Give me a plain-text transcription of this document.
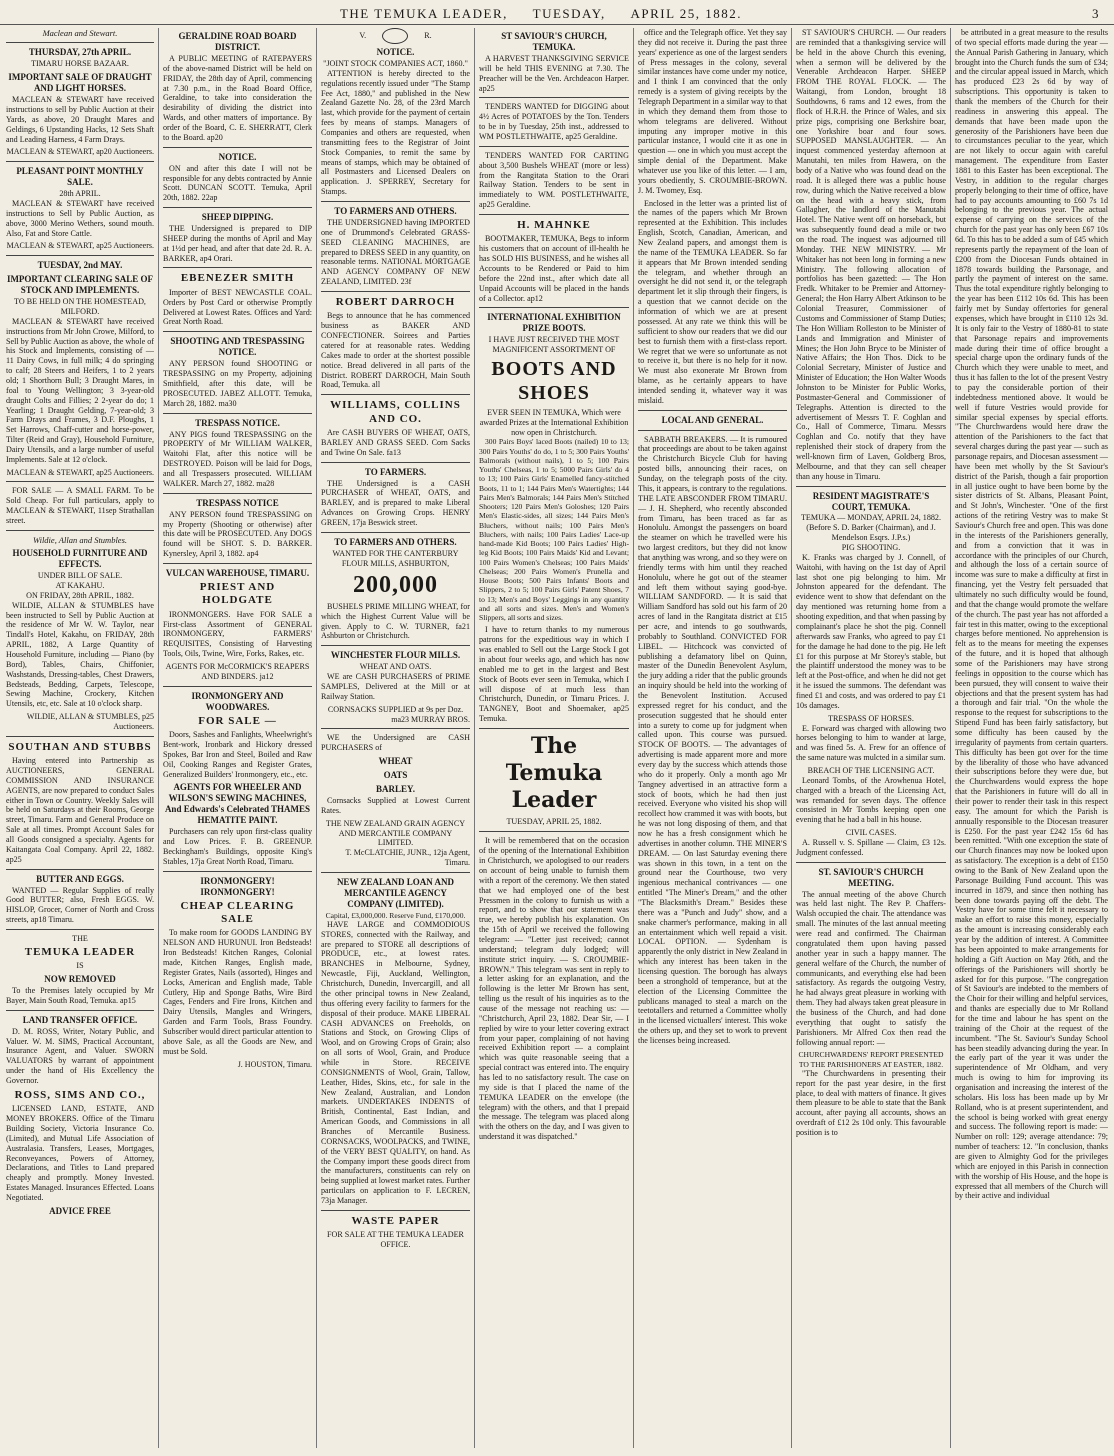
THE TEMUKA LEADER, TUESDAY, APRIL 25, 1882.	3
Maclean and Stewart.
THURSDAY, 27th APRIL.
TIMARU HORSE BAZAAR.
IMPORTANT SALE OF DRAUGHT AND LIGHT HORSES.

MACLEAN & STEWART have received instructions to sell by Public Auction at their Yards, as above, 20 Draught Mares and Geldings, 6 Upstanding Hacks, 12 Sets Shaft and Leading Harness, 4 Farm Drays.

MACLEAN & STEWART, ap20 Auctioneers.
PLEASANT POINT MONTHLY SALE.
28th APRIL.

MACLEAN & STEWART have received instructions to Sell by Public Auction, as above, 3000 Merino Wethers, sound mouth. Also, Fat and Store Cattle.

MACLEAN & STEWART, ap25 Auctioneers.
TUESDAY, 2nd MAY.
IMPORTANT CLEARING SALE OF STOCK AND IMPLEMENTS.
TO BE HELD ON THE HOMESTEAD, MILFORD.

MACLEAN & STEWART have received instructions from Mr John Crowe, Milford, to Sell by Public Auction as above, the whole of his Stock and Implements, consisting of — 11 Dairy Cows, in full milk; 4 do springing to calf; 28 Steers and Heifers, 1 to 2 years old; 1 Shorthorn Bull; 3 Draught Mares, in foal to Young Wellington; 3 3-year-old draught Colts and Fillies; 2 2-year do do; 1 Yearling; 1 Draught Gelding, 7-year-old; 3 Farm Drays and Frames, 3 D.F. Ploughs, 1 Set Harrows, Chaff-cutter and horse-power, Tilter (Reid and Gray), Household Furniture, Dairy Utensils, and a large number of useful Implements. Sale at 12 o'clock.

MACLEAN & STEWART, ap25 Auctioneers.

FOR SALE — A SMALL FARM. To be Sold Cheap. For full particulars, apply to MACLEAN & STEWART, 11sep Strathallan street.

Wildie, Allan and Stumbles.
HOUSEHOLD FURNITURE AND EFFECTS.
UNDER BILL OF SALE.
AT KAKAHU.
ON FRIDAY, 28th APRIL, 1882.

WILDIE, ALLAN & STUMBLES have been instructed to Sell by Public Auction at the residence of Mr W. W. Taylor, near Tindall's Hotel, Kakahu, on FRIDAY, 28th APRIL, 1882, A Large Quantity of Household Furniture, including — Piano (by Bord), Tables, Chairs, Chiffonier, Washstands, Dressing-tables, Chest Drawers, Bedsteads, Bedding, Carpets, Telescope, Sewing Machine, Crockery, Kitchen Utensils, etc, etc. Sale at 10 o'clock sharp.

WILDIE, ALLAN & STUMBLES, p25 Auctioneers.
SOUTHAN AND STUBBS

Having entered into Partnership as AUCTIONEERS, GENERAL COMMISSION AND INSURANCE AGENTS, are now prepared to conduct Sales either in Town or Country. Weekly Sales will be held on Saturdays at their Rooms, George street, Timaru. Farm and General Produce on Sale at all times. Prompt Account Sales for all Goods consigned a specialty. Agents for Kaitangata Coal Company. April 22, 1882. ap25

BUTTER AND EGGS.

WANTED — Regular Supplies of really Good BUTTER; also, Fresh EGGS. W. HISLOP, Grocer, Corner of North and Cross streets, ap18 Timaru.

THE
TEMUKA LEADER
IS
NOW REMOVED

To the Premises lately occupied by Mr Bayer, Main South Road, Temuka. ap15

LAND TRANSFER OFFICE.

D. M. ROSS, Writer, Notary Public, and Valuer. W. M. SIMS, Practical Accountant, Insurance Agent, and Valuer. SWORN VALUATORS by warrant of appointment under the hand of His Excellency the Governor.

ROSS, SIMS AND CO.,

LICENSED LAND, ESTATE, AND MONEY BROKERS. Office of the Timaru Building Society, Victoria Insurance Co. (Limited), and Mutual Life Association of Australasia. Transfers, Leases, Mortgages, Reconveyances, Powers of Attorney, Declarations, and Titles to Land prepared cheaply and promptly. Money Invested. Estates Managed. Insurances Effected. Loans Negotiated.

ADVICE FREE
GERALDINE ROAD BOARD DISTRICT.

A PUBLIC MEETING of RATEPAYERS of the above-named District will be held on FRIDAY, the 28th day of April, commencing at 7.30 p.m., in the Road Board Office, Geraldine, to take into consideration the desirability of dividing the district into Wards, and other matters of importance. By order of the Board, C. E. SHERRATT, Clerk to the Board. ap20

NOTICE.

ON and after this date I will not be responsible for any debts contracted by Annie Scott. DUNCAN SCOTT. Temuka, April 20th, 1882. 22ap

SHEEP DIPPING.

THE Undersigned is prepared to DIP SHEEP during the months of April and May at 1½d per head, and after that date 2d. R. A. BARKER, ap4 Orari.

EBENEZER SMITH

Importer of BEST NEWCASTLE COAL. Orders by Post Card or otherwise Promptly Delivered at Lowest Rates. Offices and Yard: Great North Road.

SHOOTING AND TRESPASSING NOTICE.

ANY PERSON found SHOOTING or TRESPASSING on my Property, adjoining Smithfield, after this date, will be PROSECUTED. JABEZ ALLOTT. Temuka, March 28, 1882. ma30

TRESPASS NOTICE.

ANY PIGS found TRESPASSING on the PROPERTY of Mr WILLIAM WALKER, Waitohi Flat, after this notice will be DESTROYED. Poison will be laid for Dogs, and all Trespassers prosecuted. WILLIAM WALKER. March 27, 1882. ma28

TRESPASS NOTICE

ANY PERSON found TRESPASSING on my Property (Shooting or otherwise) after this date will be PROSECUTED. Any DOGS found will be SHOT. S. D. BARKER. Kynersley, April 3, 1882. ap4

VULCAN WAREHOUSE, TIMARU.
PRIEST AND HOLDGATE

IRONMONGERS. Have FOR SALE a First-class Assortment of GENERAL IRONMONGERY, FARMERS' REQUISITES, Consisting of Harvesting Tools, Oils, Twine, Wire, Forks, Rakes, etc.

AGENTS FOR McCORMICK'S REAPERS AND BINDERS. ja12
IRONMONGERY AND WOODWARES.
FOR SALE —

Doors, Sashes and Fanlights, Wheelwright's Bent-work, Ironbark and Hickory dressed Spokes, Bar Iron and Steel, Boiled and Raw Oil, Cooking Ranges and Register Grates, Generalized Builders' Ironmongery, etc., etc.

AGENTS FOR WHEELER AND WILSON'S SEWING MACHINES, And Edwards's Celebrated THAMES HEMATITE PAINT.

Purchasers can rely upon first-class quality and Low Prices. F. B. GREENUP. Beckingham's Buildings, opposite King's Stables, 17ja Great North Road, Timaru.

IRONMONGERY! IRONMONGERY!
CHEAP CLEARING SALE

To make room for GOODS LANDING BY NELSON AND HURUNUI. Iron Bedsteads! Iron Bedsteads! Kitchen Ranges, Colonial made, Kitchen Ranges, English made, Register Grates, Nails (assorted), Hinges and Locks, American and English made, Table Cutlery, Hip and Sponge Baths, Wire Bird Cages, Fenders and Fire Irons, Kitchen and Dairy Utensils, Mangles and Wringers, Garden and Farm Tools, Brass Foundry. Subscriber would direct particular attention to above Sale, as all the Goods are New, and must be Sold.

J. HOUSTON, Timaru.
V.	R.
NOTICE.
"JOINT STOCK COMPANIES ACT, 1860."

ATTENTION is hereby directed to the regulations recently issued under "The Stamp Fee Act, 1880," and published in the New Zealand Gazette No. 28, of the 23rd March last, which provide for the payment of certain fees by means of stamps. Managers of Companies and others are requested, when transmitting fees to the Registrar of Joint Stock Companies, to remit the same by means of stamps, which may be obtained of all Postmasters and Licensed Dealers on application. J. SPERREY, Secretary for Stamps.

TO FARMERS AND OTHERS.

THE UNDERSIGNED having IMPORTED one of Drummond's Celebrated GRASS-SEED CLEANING MACHINES, are prepared to DRESS SEED in any quantity, on reasonable terms. NATIONAL MORTGAGE AND AGENCY COMPANY OF NEW ZEALAND, LIMITED. 23f

ROBERT DARROCH

Begs to announce that he has commenced business as BAKER AND CONFECTIONER. Soirees and Parties catered for at reasonable rates. Wedding Cakes made to order at the shortest possible notice. Bread delivered in all parts of the District. ROBERT DARROCH, Main South Road, Temuka. all

WILLIAMS, COLLINS AND CO.

Are CASH BUYERS OF WHEAT, OATS, BARLEY AND GRASS SEED. Corn Sacks and Twine On Sale. fa13

TO FARMERS.

THE Undersigned is a CASH PURCHASER of WHEAT, OATS, and BARLEY, and is prepared to make Liberal Advances on Growing Crops. HENRY GREEN, 17ja Beswick street.

TO FARMERS AND OTHERS.
WANTED FOR THE CANTERBURY FLOUR MILLS, ASHBURTON,
200,000

BUSHELS PRIME MILLING WHEAT, for which the Highest Current Value will be given. Apply to C. W. TURNER, fa21 Ashburton or Christchurch.

WINCHESTER FLOUR MILLS.
WHEAT AND OATS.

WE are CASH PURCHASERS of PRIME SAMPLES, Delivered at the Mill or at Railway Station.

CORNSACKS SUPPLIED at 9s per Doz.
ma23 MURRAY BROS.

WE the Undersigned are CASH PURCHASERS of

WHEAT
OATS
BARLEY.

Cornsacks Supplied at Lowest Current Rates.

THE NEW ZEALAND GRAIN AGENCY AND MERCANTILE COMPANY LIMITED.
T. McCLATCHIE, JUNR., 12ja Agent, Timaru.
NEW ZEALAND LOAN AND MERCANTILE AGENCY COMPANY (LIMITED).
Capital, £3,000,000. Reserve Fund, £170,000.

HAVE LARGE and COMMODIOUS STORES, connected with the Railway, and are prepared to STORE all descriptions of PRODUCE, etc., at lowest rates. BRANCHES in Melbourne, Sydney, Newcastle, Fiji, Auckland, Wellington, Christchurch, Dunedin, Invercargill, and all the other principal towns in New Zealand, thus offering every facility to farmers for the disposal of their produce. MAKE LIBERAL CASH ADVANCES on Freeholds, on Stations and Stock, on Growing Clips of Wool, and on Growing Crops of Grain; also on all sorts of Wool, Grain, and Produce while in Store. RECEIVE CONSIGNMENTS of Wool, Grain, Tallow, Leather, Hides, Skins, etc., for sale in the New Zealand, Australian, and London markets. UNDERTAKES INDENTS of British, Continental, East Indian, and American Goods, and Commissions in all Branches of Mercantile Business. CORNSACKS, WOOLPACKS, and TWINE, of the VERY BEST QUALITY, on hand. As the Company import these goods direct from the manufacturers, constituents can rely on being supplied at lowest market rates. Further particulars on application to F. LECREN, 73ja Manager.

WASTE PAPER
FOR SALE AT THE TEMUKA LEADER OFFICE.
ST SAVIOUR'S CHURCH, TEMUKA.

A HARVEST THANKSGIVING SERVICE will be held THIS EVENING at 7.30. The Preacher will be the Ven. Archdeacon Harper. ap25

TENDERS WANTED for DIGGING about 4½ Acres of POTATOES by the Ton. Tenders to be in by Tuesday, 25th inst., addressed to WM POSTLETHWAITE, ap25 Geraldine.

TENDERS WANTED FOR CARTING about 3,500 Bushels WHEAT (more or less) from the Rangitata Station to the Orari Railway Station. Tenders to be sent in immediately to WM. POSTLETHWAITE, ap25 Geraldine.

H. MAHNKE

BOOTMAKER, TEMUKA, Begs to inform his customers that on account of ill-health he has SOLD HIS BUSINESS, and he wishes all Accounts to be Rendered or Paid to him before the 22nd inst., after which date all Unpaid Accounts will be placed in the hands of a Collector. ap12

INTERNATIONAL EXHIBITION PRIZE BOOTS.
I HAVE JUST RECEIVED THE MOST MAGNIFICENT ASSORTMENT OF
BOOTS AND SHOES
EVER SEEN IN TEMUKA, Which were awarded Prizes at the International Exhibition now open in Christchurch.

300 Pairs Boys' laced Boots (nailed) 10 to 13; 300 Pairs Youths' do do, 1 to 5; 300 Pairs Youths' Balmorals (without nails), 1 to 5; 100 Pairs Youths' Chelseas, 1 to 5; 5000 Pairs Girls' do 4 to 13; 100 Pairs Girls' Enamelled fancy-stitched Boots, 11 to 1; 144 Pairs Men's Watertights; 144 Pairs Men's Balmorals; 144 Pairs Men's Stitched Shooters; 120 Pairs Men's Goloshes; 120 Pairs Men's Elastic-sides, all sizes; 144 Pairs Men's Bluchers, without nails; 100 Pairs Men's Bluchers, with nails; 100 Pairs Ladies' Lace-up hand-made Kid Boots; 100 Pairs Ladies' High-leg Kid Boots; 100 Pairs Maids' Kid and Levant; 100 Pairs Women's Chelseas; 100 Pairs Maids' Chelseas; 200 Pairs Women's Prunella and House Boots; 500 Pairs Infants' Boots and Slippers, 2 to 5; 100 Pairs Girls' Patent Shoes, 7 to 13; Men's and Boys' Leggings in any quantity and all sorts and sizes. Men's and Women's Slippers, all sorts and sizes.

I have to return thanks to my numerous patrons for the expeditious way in which I was enabled to Sell out the Large Stock I got in about four weeks ago, and which has now enabled me to get in the largest and Best Stock of Boots ever seen in Temuka, which I will dispose of at much less than Christchurch, Dunedin, or Timaru Prices. J. TANGNEY, Boot and Shoemaker, ap25 Temuka.

The Temuka Leader
TUESDAY, APRIL 25, 1882.

It will be remembered that on the occasion of the opening of the International Exhibition in Christchurch, we apologised to our readers on account of being unable to furnish them with a report of the ceremony. We then stated that we had employed one of the best Pressmen in the colony to furnish us with a report, and to show that our statement was true, we hereby publish his explanation. On the 15th of April we received the following telegram: — "Letter just received; cannot understand; telegram duly lodged; will institute strict inquiry. — S. CROUMBIE-BROWN." This telegram was sent in reply to a letter asking for an explanation, and the following is the letter Mr Brown has sent, telling us the result of his inquiries as to the cause of the message not reaching us: — "Christchurch, April 23, 1882. Dear Sir, — I replied by wire to your letter covering extract from your paper, complaining of not having received Exhibition report — a complaint which was quite reasonable seeing that a special contract was entered into. The enquiry has led to no satisfactory result. The case on my side is that I placed the name of the TEMUKA LEADER on the envelope (the telegram) with the others, and that I prepaid the message. The telegram was placed along with the others on the day, and I was given to understand it was dispatched."

office and the Telegraph office. Yet they say they did not receive it. During the past three years' experience as one of the largest senders of Press messages in the colony, several similar instances have come under my notice, and I think I am convinced that the only remedy is a system of giving receipts by the Telegraph Department in a similar way to that in which they demand them from those to whom telegrams are delivered. Without imputing any improper motive in this particular instance, I would cite it as one in question — one in which you must accept the simple denial of the Department. Make whatever use you like of this letter. — I am, yours obediently, S. CROUMBIE-BROWN. J. M. Twomey, Esq.

Enclosed in the letter was a printed list of the names of the papers which Mr Brown represented at the Exhibition. This includes English, Scotch, Canadian, American, and New Zealand papers, and amongst them is the name of the TEMUKA LEADER. So far it appears that Mr Brown intended sending the telegram, and whether through an oversight he did not send it, or the telegraph department let it slip through their fingers, is a question that we cannot decide on the information of which we are at present possessed. At any rate we think this will be sufficient to show our readers that we did our best to furnish them with a first-class report. We regret that we were so unfortunate as not to receive it, but there is no help for it now. We must also exonerate Mr Brown from blame, as he certainly appears to have intended sending it, whatever way it was mislaid.

LOCAL AND GENERAL.

SABBATH BREAKERS. — It is rumoured that proceedings are about to be taken against the Christchurch Bicycle Club for having posted bills, announcing their races, on Sunday, on the telegraph posts of the city. This, it appears, is contrary to the regulations. THE LATE ABSCONDER FROM TIMARU. — J. H. Shepherd, who recently absconded from Timaru, has been traced as far as Honolulu. Amongst the passengers on board the steamer on which he travelled were his two largest creditors, but they did not know that anything was wrong, and so they were on friendly terms with him until they reached Honolulu, where he got out of the steamer and left them without saying good-bye. WILLIAM SANDFORD. — It is said that William Sandford has sold out his farm of 20 acres of land in the Rangitata district at £15 per acre, and intends to go southwards, probably to Southland. CONVICTED FOR LIBEL. — Hitchcock was convicted of publishing a defamatory libel on Quinn, master of the Dunedin Benevolent Asylum, the jury adding a rider that the public grounds an inquiry should be held into the working of the Benevolent Institution. Accused expressed regret for his conduct, and the prosecution suggested that he should enter into a surety to come up for judgment when called upon. This course was pursued. STOCK OF BOOTS. — The advantages of advertising is made apparent more and more every day by the success which attends those who do it properly. Only a month ago Mr Tangney advertised in an attractive form a stock of boots, which he had then just received. Everyone who visited his shop will recollect how crammed it was with boots, but he was not long disposing of them, and that now he has a fresh consignment which he advertises in another column. THE MINER'S DREAM. — On last Saturday evening there was shown in this town, in a tent on the ground near the Courthouse, two very ingenious mechanical contrivances — one entitled "The Miner's Dream," and the other "The Blacksmith's Dream." Besides these there was a "Punch and Judy" show, and a snake charmer's performance, making in all an entertainment which well repaid a visit. LOCAL OPTION. — Sydenham is apparently the only district in New Zealand in which any interest has been taken in the licensing question. The borough has always been a stronghold of temperance, but at the election of the Licensing Committee the publicans managed to steal a march on the teetotallers and returned a Committee wholly in the licensed victuallers' interest. This woke the others up, and they set to work to prevent the licenses being increased.

ST SAVIOUR'S CHURCH. — Our readers are reminded that a thanksgiving service will be held in the above Church this evening, when a sermon will be delivered by the Venerable Archdeacon Harper. SHEEP FROM THE ROYAL FLOCK. — The Waitangi, from London, brought 18 Southdowns, 6 rams and 12 ewes, from the flock of H.R.H. the Prince of Wales, and six prize pigs, comprising one Berkshire boar, one Yorkshire boar and four sows. SUPPOSED MANSLAUGHTER. — An inquest commenced yesterday afternoon at Manutahi, ten miles from Hawera, on the body of a Native who was found dead on the road. It is alleged there was a public house row, during which the Native received a blow on the head with a heavy stick, from Gallagher, the landlord of the Manutahi Hotel. The Native went off on horseback, but was subsequently found dead a mile or two on the road. The inquest was adjourned till Monday. THE NEW MINISTRY. — Mr Whitaker has not been long in forming a new Ministry. The following allocation of portfolios has been gazetted: — The Hon Fredk. Whitaker to be Premier and Attorney-General; the Hon Harry Albert Atkinson to be Colonial Treasurer, Commissioner of Customs and Commissioner of Stamp Duties; The Hon William Rolleston to be Minister of Lands and Immigration and Minister of Mines; the Hon John Bryce to be Minister of Native Affairs; the Hon Thos. Dick to be Colonial Secretary, Minister of Justice and Minister of Education; the Hon Walter Woods Johnston to be Minister for Public Works, Postmaster-General and Commissioner of Telegraphs. Attention is directed to the advertisement of Messrs T. F. Coghlan and Co., Hall of Commerce, Timaru. Messrs Coghlan and Co. notify that they have replenished their stock of drapery from the well-known firm of Laven, Goldberg Bros, Melbourne, and that they can sell cheaper than any house in Timaru.

RESIDENT MAGISTRATE'S COURT, TEMUKA.
TEMUKA — MONDAY, APRIL 24, 1882.
(Before S. D. Barker (Chairman), and J. Mendelson Esqrs. J.P.s.)
PIG SHOOTING.

K. Franks was charged by J. Connell, of Waitohi, with having on the 1st day of April last shot one pig belonging to him. Mr Johnston appeared for the defendant. The evidence went to show that defendant on the day mentioned was returning home from a shooting expedition, and that when passing by complainant's place he shot the pig. Connell afterwards saw Franks, who agreed to pay £1 for the damage he had done to the pig. He left £1 for this purpose at Mr Storey's stable, but the plaintiff understood the money was to be left at the Post-office, and when he did not get it he issued the summons. The defendant was fined £1 and costs, and was ordered to pay £1 10s damages.

TRESPASS OF HORSES.

E. Forward was charged with allowing two horses belonging to him to wander at large, and was fined 5s. A. Frew for an offence of the same nature was mulcted in a similar sum.

BREACH OF THE LICENSING ACT.

Leonard Tombs, of the Arowhenua Hotel, charged with a breach of the Licensing Act, was remanded for seven days. The offence consisted in Mr Tombs keeping open one evening that he had a ball in his house.

CIVIL CASES.

A. Russell v. S. Spillane — Claim, £3 12s. Judgment confessed.

ST. SAVIOUR'S CHURCH MEETING.

The annual meeting of the above Church was held last night. The Rev P. Chaffers-Walsh occupied the chair. The attendance was small. The minutes of the last annual meeting were read and confirmed. The Chairman congratulated them upon having passed another year in such a happy manner. The general welfare of the Church, the number of communicants, and everything else had been satisfactory. As regards the outgoing Vestry, he had always great pleasure in working with them. They had always taken great pleasure in the business of the Church, and had done everything that ought to satisfy the Parishioners. Mr Alfred Cox then read the following annual report: —

CHURCHWARDENS' REPORT PRESENTED TO THE PARISHIONERS AT EASTER, 1882.

"The Churchwardens in presenting their report for the past year desire, in the first place, to deal with matters of finance. It gives them pleasure to be able to state that the Bank account, after paying all accounts, shows an overdraft of £12 2s 10d only. This favourable position is to

be attributed in a great measure to the results of two special efforts made during the year — the Annual Parish Gathering in January, which brought into the Church funds the sum of £34; and the circular appeal issued in March, which has produced £23 2s 6d by way of subscriptions. This opportunity is taken to thank the members of the Church for their readiness in answering this appeal. The demands that have been made upon the generosity of the Parishioners have been due to circumstances peculiar to the year, which are not likely to occur again with careful management. The expenditure from Easter 1881 to this Easter has been exceptional. The Vestry, in addition to the regular charges properly belonging to their time of office, have had to pay accounts amounting to £60 7s 1d belonging to the previous year. The actual expense of carrying on the services of the church for the past year has only been £67 10s 6d. To this has to be added a sum of £45 which represents partly the repayment of the loan of £200 from the Diocesan Funds obtained in 1878 towards building the Parsonage, and partly the payment of interest on the same. Thus the total expenditure rightly belonging to the year has been £112 10s 6d. This has been fairly met by Sunday offertories for general expenses, which have brought in £110 12s 3d. It is only fair to the Vestry of 1880-81 to state that Parsonage repairs and improvements made during their time of office brought a special charge upon the ordinary funds of the Church which they were unable to meet, and thus it has fallen to the lot of the present Vestry to pay the considerable portion of their indebtedness mentioned above. It would be well if future Vestries would provide for similar special expenses by special efforts. "The Churchwardens would here draw the attention of the Parishioners to the fact that several charges during the past year — such as parsonage repairs, and Diocesan assessment — have been met wholly by the St Saviour's district of the Parish, though a fair proportion in all justice ought to have been borne by the sister districts of St. Albans, Pleasant Point, and St John's, Winchester. "One of the first actions of the retiring Vestry was to make St Saviour's Church free and open. This was done in the interests of the Parishioners generally, and from a conviction that it was in accordance with the principles of our Church, and although the loss of a certain source of income was sure to make a difficulty at first in financing, yet the Vestry felt persuaded that ultimately no such difficulty would be found, and that the change would promote the welfare of the church. The past year has not afforded a fair test in this matter, owing to the exceptional charges before mentioned. No apprehension is felt as to the means for meeting the expenses of the future, and it is hoped that although some of the Parishioners may have strong feelings in opposition to the course which has been pursued, they will consent to waive their objections and that the present system has had a thorough and fair trial. "On the whole the response to the request for subscriptions to the Stipend Fund has been fairly satisfactory, but some difficulty has been caused by the irregularity of payments from certain quarters. This difficulty has been got over for the time by the liberality of those who have advanced their subscriptions before they were due, but the Churchwardens would express the hope that the Parishioners in future will do all in their power to render their task in this respect easy. The amount for which the Parish is annually responsible to the Diocesan treasurer is £250. For the past year £242 15s 6d has been remitted. "With one exception the state of our Church finances may now be looked upon as satisfactory. The exception is a debt of £150 owing to the Bank of New Zealand upon the Parsonage Building Fund account. This was incurred in 1879, and since then nothing has been done towards paying off the debt. The Vestry have for some time felt it necessary to make an effort to raise this money, especially as the amount is increasing considerably each year by the addition of interest. A Committee has been appointed to make arrangements for holding a Gift Auction on May 26th, and the offerings of the Parishioners will shortly be asked for for this purpose. "The congregation of St Saviour's are indebted to the members of the Choir for their willing and helpful services, and thanks are especially due to Mr Rolland for the time and labour he has spent on the training of the Choir at the request of the incumbent. "The St. Saviour's Sunday School has been steadily advancing during the year. In the early part of the year it was under the superintendence of Mr Oldham, and very much is owing to him for improving its organisation and increasing the interest of the scholars. His loss has been made up by Mr Rolland, who is at present superintendent, and the school is being worked with great energy and success. The following report is made: — Number on roll: 129; average attendance: 79; number of teachers: 12. "In conclusion, thanks are given to Almighty God for the privileges which are enjoyed in this Parish in connection with the worship of His House, and the hope is expressed that all members of the Church will by their active and individual
